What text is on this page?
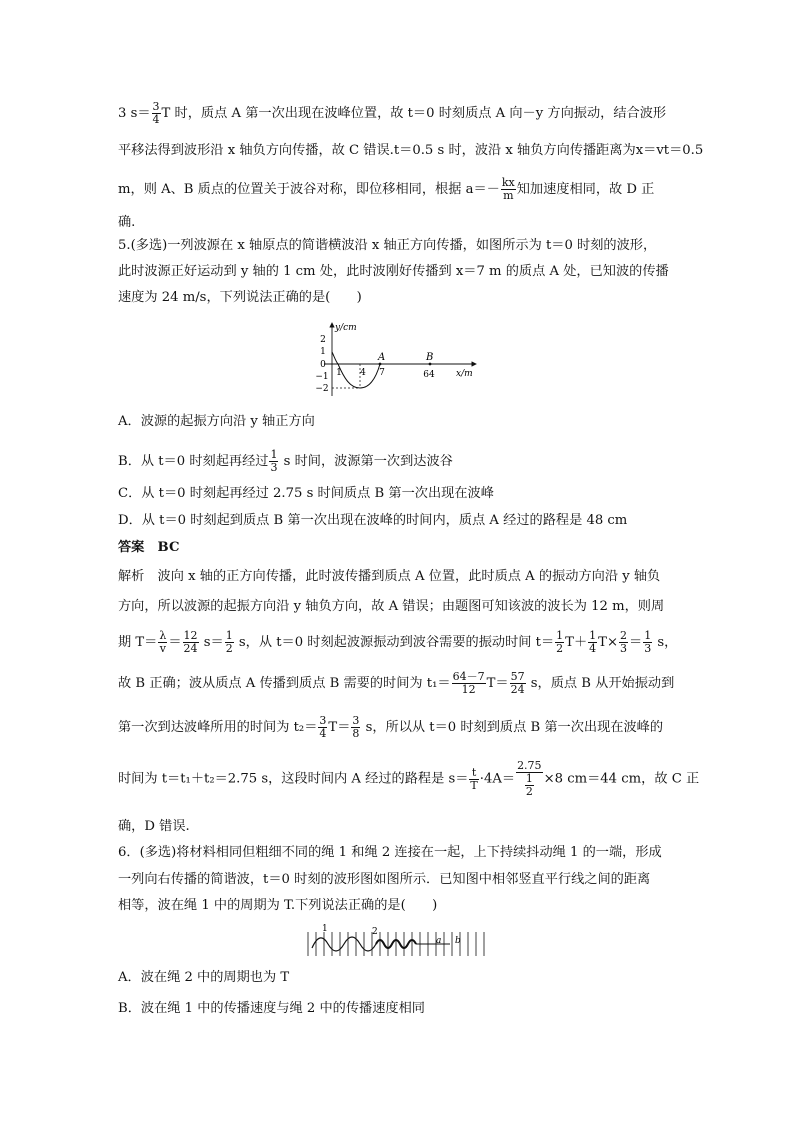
3 $s= \frac{3}{4}$ T 时，质点 A 第一次出现在波峰位置，故 t＝0 时刻质点 A 向－y 方向振动，结合波形
平移法得到波形沿 x 轴负方向传播，故 C 错误.t＝0.5 s 时，波沿 x 轴负方向传播距离为x＝vt＝0.5
m，则 A、B 质点的位置关于波谷对称，即位移相同，根据 $a=- \frac{kx}{m}$ 知加速度相同，故 D 正
确.
5.(多选)一列波源在 x 轴原点的简谐横波沿 x 轴正方向传播，如图所示为 t＝0 时刻的波形，
此时波源正好运动到 y 轴的 1 cm 处，此时波刚好传播到 x＝7 m 的质点 A 处，已知波的传播
速度为 24 m/s，下列说法正确的是(　　)
y/cm
x/m
2
1
0
−1
−2
1 4 7	64
A	B
A．波源的起振方向沿 y 轴正方向
B．从 t＝0 时刻起再经过 $\frac{1}{3}$ s 时间，波源第一次到达波谷
C．从 t＝0 时刻起再经过 2.75 s 时间质点 B 第一次出现在波峰
D．从 t＝0 时刻起到质点 B 第一次出现在波峰的时间内，质点 A 经过的路程是 48 cm
答案　BC
解析　波向 x 轴的正方向传播，此时波传播到质点 A 位置，此时质点 A 的振动方向沿 y 轴负
方向，所以波源的起振方向沿 y 轴负方向，故 A 错误；由题图可知该波的波长为 12 m，则周
期 $T= \frac{\lambda}{v} = \frac{12}{24} s= \frac{1}{2}$ s，从 t＝0 时刻起波源振动到波谷需要的振动时间 $t= \frac{1}{2} T+ \frac{1}{4} T\times \frac{2}{3} = \frac{1}{3}$ s，
故 B 正确；波从质点 A 传播到质点 B 需要的时间为 $t_1= \frac{64-7}{12} T= \frac{57}{24}$ s，质点 B 从开始振动到
第一次到达波峰所用的时间为 $t_2= \frac{3}{4} T= \frac{3}{8}$ s，所以从 t＝0 时刻到质点 B 第一次出现在波峰的
时间为 t＝t₁＋t₂＝2.75 s，这段时间内 A 经过的路程是 $s= \frac{t}{T} \cdot 4A= \frac{2.75}{\frac{1}{2}} \times 8$ cm＝44 cm，故 C 正
确，D 错误.
6．(多选)将材料相同但粗细不同的绳 1 和绳 2 连接在一起，上下持续抖动绳 1 的一端，形成
一列向右传播的简谐波，t＝0 时刻的波形图如图所示．已知图中相邻竖直平行线之间的距离
相等，波在绳 1 中的周期为 T.下列说法正确的是(　　)
1	2
a b
A．波在绳 2 中的周期也为 T
B．波在绳 1 中的传播速度与绳 2 中的传播速度相同
